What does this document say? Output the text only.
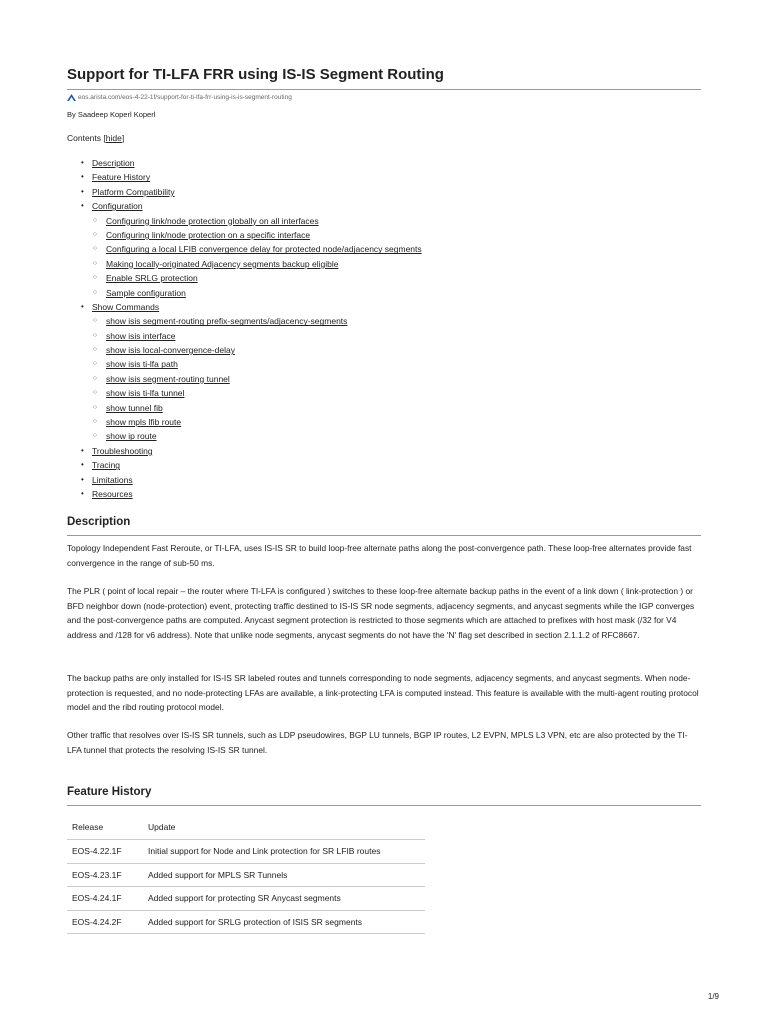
Support for TI-LFA FRR using IS-IS Segment Routing
eos.arista.com/eos-4-22-1f/support-for-ti-lfa-frr-using-is-is-segment-routing
By Saadeep Koperl Koperl
Contents [hide]
• Description
• Feature History
• Platform Compatibility
• Configuration
○	Configuring link/node protection globally on all interfaces
○	Configuring link/node protection on a specific interface
○	Configuring a local LFIB convergence delay for protected node/adjacency segments
○	Making locally-originated Adjacency segments backup eligible
○	Enable SRLG protection
○	Sample configuration
• Show Commands
○	show isis segment-routing prefix-segments/adjacency-segments
○	show isis interface
○	show isis local-convergence-delay
○	show isis ti-lfa path
○	show isis segment-routing tunnel
○	show isis ti-lfa tunnel
○	show tunnel fib
○	show mpls lfib route
○	show ip route
• Troubleshooting
• Tracing
• Limitations
• Resources
Description

Topology Independent Fast Reroute, or TI-LFA, uses IS-IS SR to build loop-free alternate paths along the post-convergence path. These loop-free alternates provide fast convergence in the range of sub-50 ms.

The PLR ( point of local repair – the router where TI-LFA is configured ) switches to these loop-free alternate backup paths in the event of a link down ( link-protection ) or BFD neighbor down (node-protection) event, protecting traffic destined to IS-IS SR node segments, adjacency segments, and anycast segments while the IGP converges and the post-convergence paths are computed. Anycast segment protection is restricted to those segments which are attached to prefixes with host mask (/32 for V4 address and /128 for v6 address). Note that unlike node segments, anycast segments do not have the 'N' flag set described in section 2.1.1.2 of RFC8667.

The backup paths are only installed for IS-IS SR labeled routes and tunnels corresponding to node segments, adjacency segments, and anycast segments. When node-protection is requested, and no node-protecting LFAs are available, a link-protecting LFA is computed instead. This feature is available with the multi-agent routing protocol model and the ribd routing protocol model.

Other traffic that resolves over IS-IS SR tunnels, such as LDP pseudowires, BGP LU tunnels, BGP IP routes, L2 EVPN, MPLS L3 VPN, etc are also protected by the TI-LFA tunnel that protects the resolving IS-IS SR tunnel.

Feature History
Release	Update
EOS-4.22.1F	Initial support for Node and Link protection for SR LFIB routes
EOS-4.23.1F	Added support for MPLS SR Tunnels
EOS-4.24.1F	Added support for protecting SR Anycast segments
EOS-4.24.2F	Added support for SRLG protection of ISIS SR segments
1/9
